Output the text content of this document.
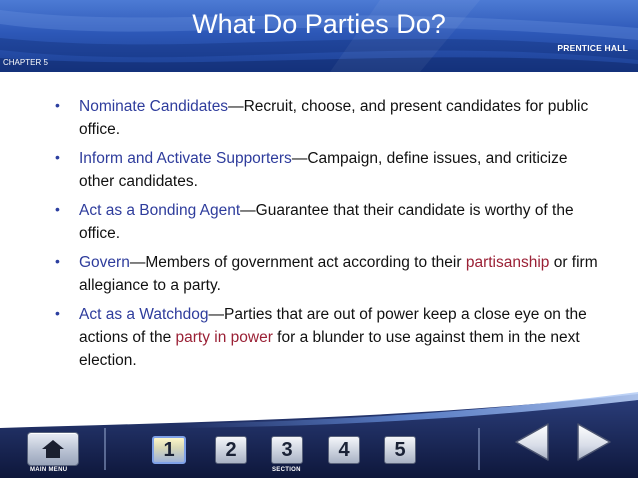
What Do Parties Do?
PRENTICE HALL
CHAPTER 5
• Nominate Candidates—Recruit, choose, and present candidates for public office.
• Inform and Activate Supporters—Campaign, define issues, and criticize other candidates.
• Act as a Bonding Agent—Guarantee that their candidate is worthy of the office.
• Govern—Members of government act according to their partisanship or firm allegiance to a party.
• Act as a Watchdog—Parties that are out of power keep a close eye on the actions of the party in power for a blunder to use against them in the next election.
MAIN MENU
1	2	3	4	5
SECTION
